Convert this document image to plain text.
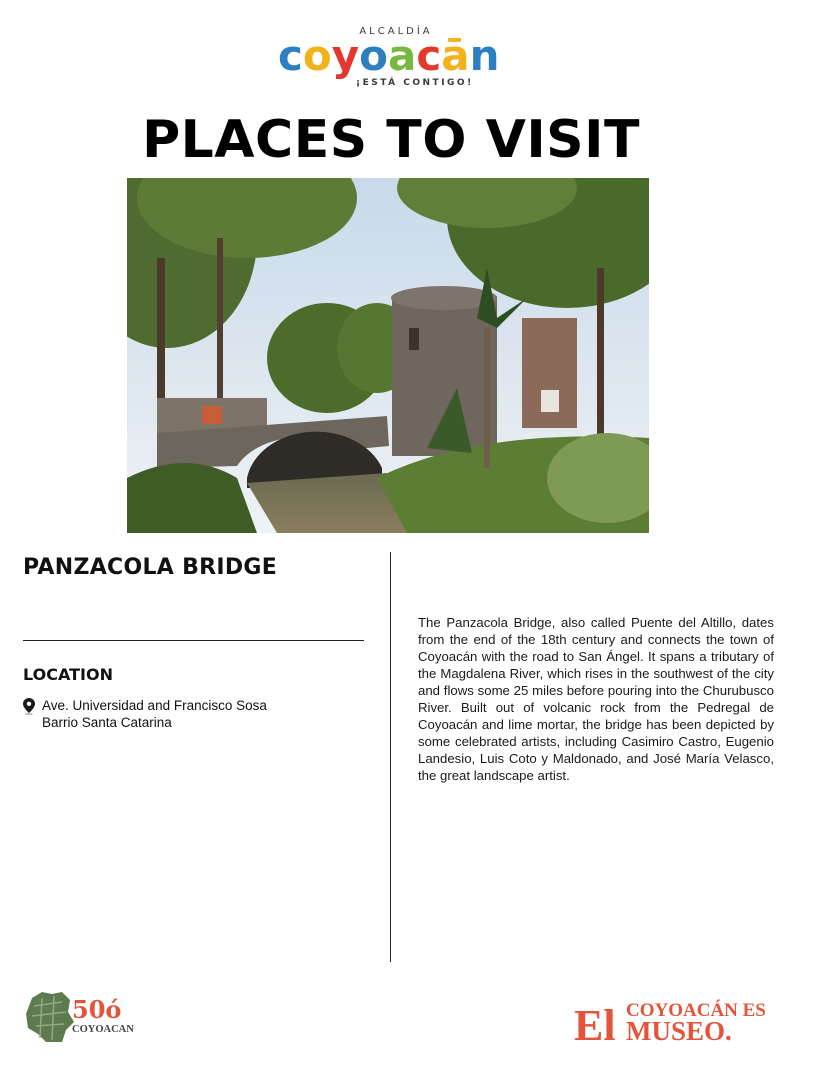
ALCALDÍA
coyoacān
¡ESTÁ CONTIGO!
PLACES TO VISIT
PANZACOLA BRIDGE
LOCATION
Ave. Universidad and Francisco Sosa
Barrio Santa Catarina
The Panzacola Bridge, also called Puente del Altillo, dates from the end of the 18th century and connects the town of Coyoacán with the road to San Ángel. It spans a tributary of the Magdalena River, which rises in the southwest of the city and flows some 25 miles before pouring into the Churubusco River. Built out of volcanic rock from the Pedregal de Coyoacán and lime mortar, the bridge has been depicted by some celebrated artists, including Casimiro Castro, Eugenio Landesio, Luis Coto y Maldonado, and José María Velasco, the great landscape artist.
50ó
COYOACAN	El COYOACÁN ES
MUSEO.
